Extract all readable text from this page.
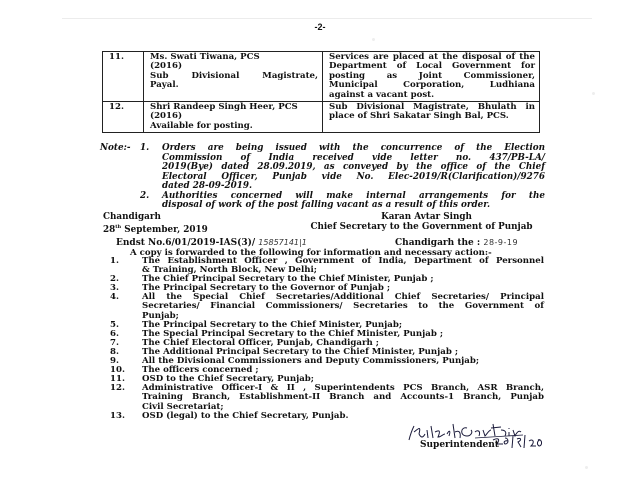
-2-
11.	Ms. Swati Tiwana, PCS
(2016)
Sub Divisional Magistrate,
Payal.	Services are placed at the disposal of the
Department of Local Government for
posting as Joint Commissioner,
Municipal Corporation, Ludhiana
against a vacant post.

12.	Shri Randeep Singh Heer, PCS
(2016)
Available for posting.	Sub Divisional Magistrate, Bhulath in
place of Shri Sakatar Singh Bal, PCS.
Note:- 1. Orders are being issued with the concurrence of the Election
Commission of India received vide letter no. 437/PB-LA/
2019(Bye) dated 28.09.2019, as conveyed by the office of the Chief
Electoral Officer, Punjab vide No. Elec-2019/R(Clarification)/9276
dated 28-09-2019.
2. Authorities concerned will make internal arrangements for the
disposal of work of the post falling vacant as a result of this order.
Chandigarh
28th September, 2019
Karan Avtar Singh
Chief Secretary to the Government of Punjab
Endst No.6/01/2019-IAS(3)/ 15857141|1	Chandigarh the : 28-9-19
A copy is forwarded to the following for information and necessary action:-
1.	The Establishment Officer , Government of India, Department of Personnel
& Training, North Block, New Delhi;
2.	The Chief Principal Secretary to the Chief Minister, Punjab ;
3.	The Principal Secretary to the Governor of Punjab ;
4.	All the Special Chief Secretaries/Additional Chief Secretaries/ Principal
Secretaries/ Financial Commissioners/ Secretaries to the Government of
Punjab;
5.	The Principal Secretary to the Chief Minister, Punjab;
6.	The Special Principal Secretary to the Chief Minister, Punjab ;
7.	The Chief Electoral Officer, Punjab, Chandigarh ;
8.	The Additional Principal Secretary to the Chief Minister, Punjab ;
9.	All the Divisional Commissioners and Deputy Commissioners, Punjab;
10. The officers concerned ;
11. OSD to the Chief Secretary, Punjab;
12. Administrative Officer-I & II , Superintendents PCS Branch, ASR Branch,
Training Branch, Establishment-II Branch and Accounts-1 Branch, Punjab
Civil Secretariat;
13. OSD (legal) to the Chief Secretary, Punjab.
Superintendent
